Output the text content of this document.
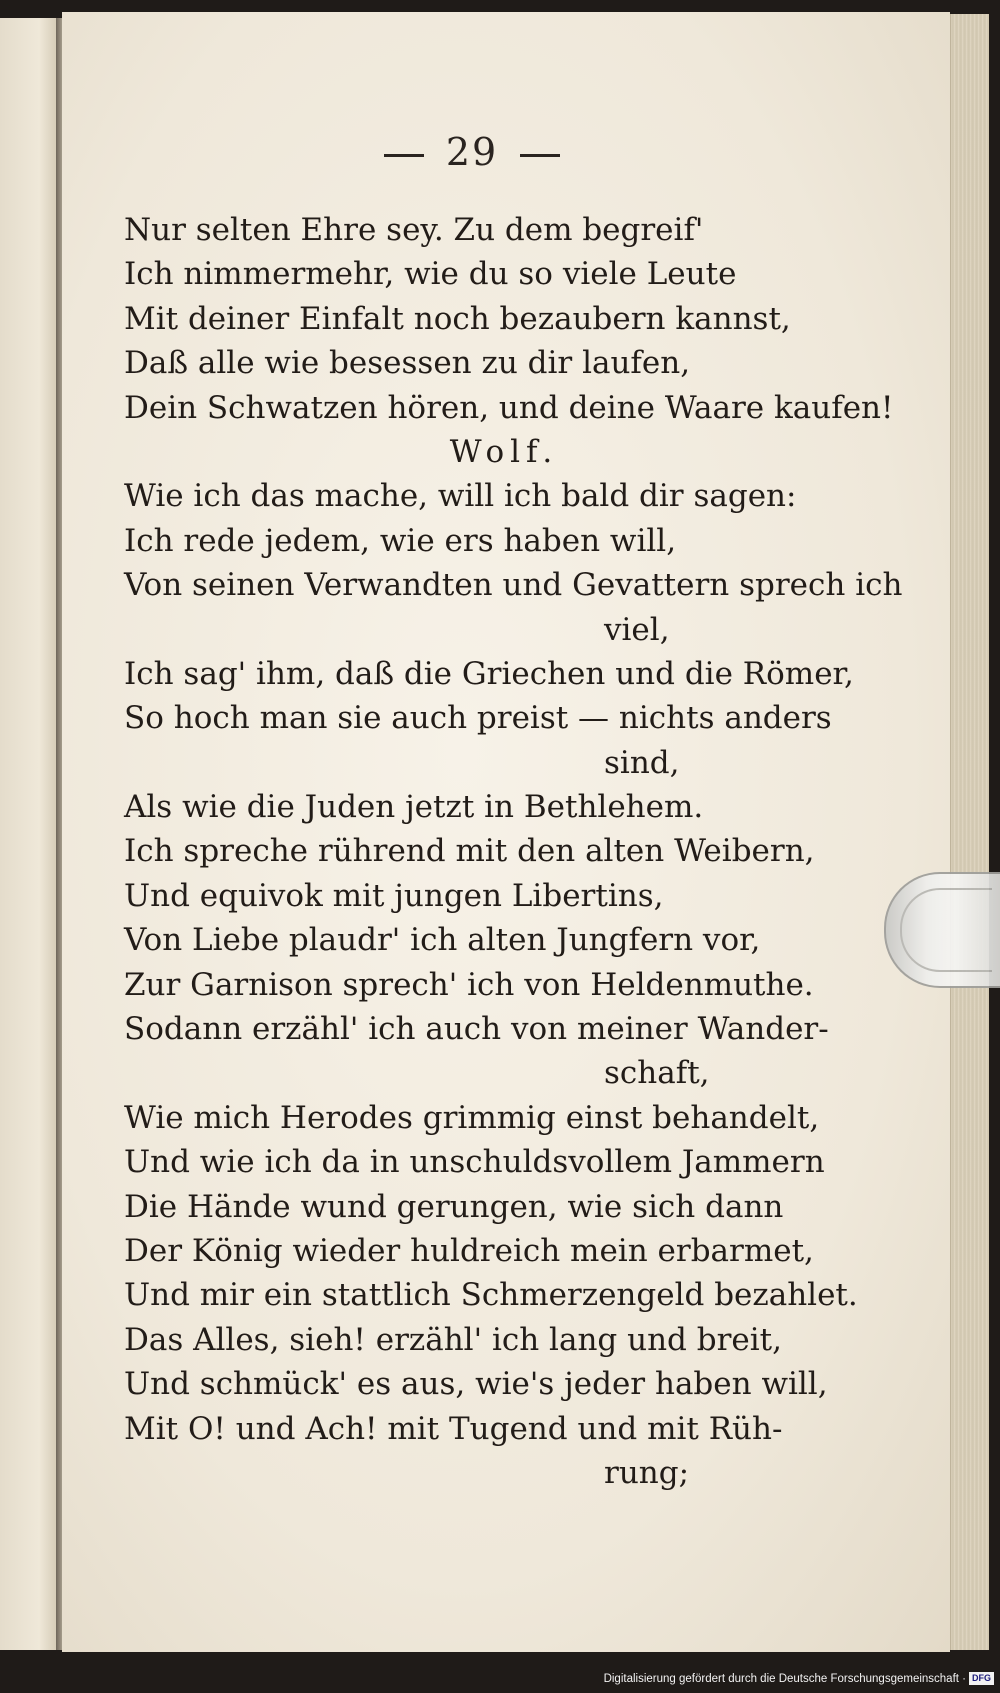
29
Nur selten Ehre sey. Zu dem begreif'
Ich nimmermehr, wie du so viele Leute
Mit deiner Einfalt noch bezaubern kannst,
Daß alle wie besessen zu dir laufen,
Dein Schwatzen hören, und deine Waare kaufen!
Wolf.
Wie ich das mache, will ich bald dir sagen:
Ich rede jedem, wie ers haben will,
Von seinen Verwandten und Gevattern sprech ich
viel,
Ich sag' ihm, daß die Griechen und die Römer,
So hoch man sie auch preist — nichts anders
sind,
Als wie die Juden jetzt in Bethlehem.
Ich spreche rührend mit den alten Weibern,
Und equivok mit jungen Libertins,
Von Liebe plaudr' ich alten Jungfern vor,
Zur Garnison sprech' ich von Heldenmuthe.
Sodann erzähl' ich auch von meiner Wander-
schaft,
Wie mich Herodes grimmig einst behandelt,
Und wie ich da in unschuldsvollem Jammern
Die Hände wund gerungen, wie sich dann
Der König wieder huldreich mein erbarmet,
Und mir ein stattlich Schmerzengeld bezahlet.
Das Alles, sieh! erzähl' ich lang und breit,
Und schmück' es aus, wie's jeder haben will,
Mit O! und Ach! mit Tugend und mit Rüh-
rung;
Digitalisierung gefördert durch die Deutsche Forschungsgemeinschaft · DFG
